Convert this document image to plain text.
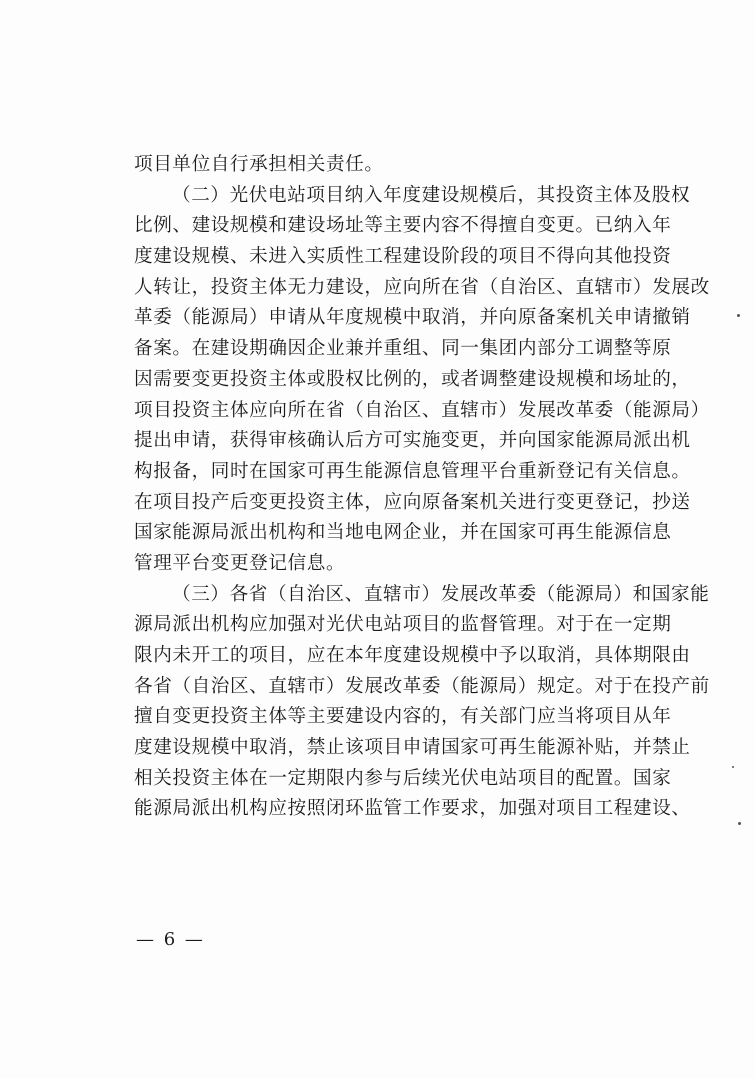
项目单位自行承担相关责任。
（二）光伏电站项目纳入年度建设规模后，其投资主体及股权
比例、建设规模和建设场址等主要内容不得擅自变更。已纳入年
度建设规模、未进入实质性工程建设阶段的项目不得向其他投资
人转让，投资主体无力建设，应向所在省（自治区、直辖市）发展改
革委（能源局）申请从年度规模中取消，并向原备案机关申请撤销
备案。在建设期确因企业兼并重组、同一集团内部分工调整等原
因需要变更投资主体或股权比例的，或者调整建设规模和场址的，
项目投资主体应向所在省（自治区、直辖市）发展改革委（能源局）
提出申请，获得审核确认后方可实施变更，并向国家能源局派出机
构报备，同时在国家可再生能源信息管理平台重新登记有关信息。
在项目投产后变更投资主体，应向原备案机关进行变更登记，抄送
国家能源局派出机构和当地电网企业，并在国家可再生能源信息
管理平台变更登记信息。
（三）各省（自治区、直辖市）发展改革委（能源局）和国家能
源局派出机构应加强对光伏电站项目的监督管理。对于在一定期
限内未开工的项目，应在本年度建设规模中予以取消，具体期限由
各省（自治区、直辖市）发展改革委（能源局）规定。对于在投产前
擅自变更投资主体等主要建设内容的，有关部门应当将项目从年
度建设规模中取消，禁止该项目申请国家可再生能源补贴，并禁止
相关投资主体在一定期限内参与后续光伏电站项目的配置。国家
能源局派出机构应按照闭环监管工作要求，加强对项目工程建设、
— 6 —
